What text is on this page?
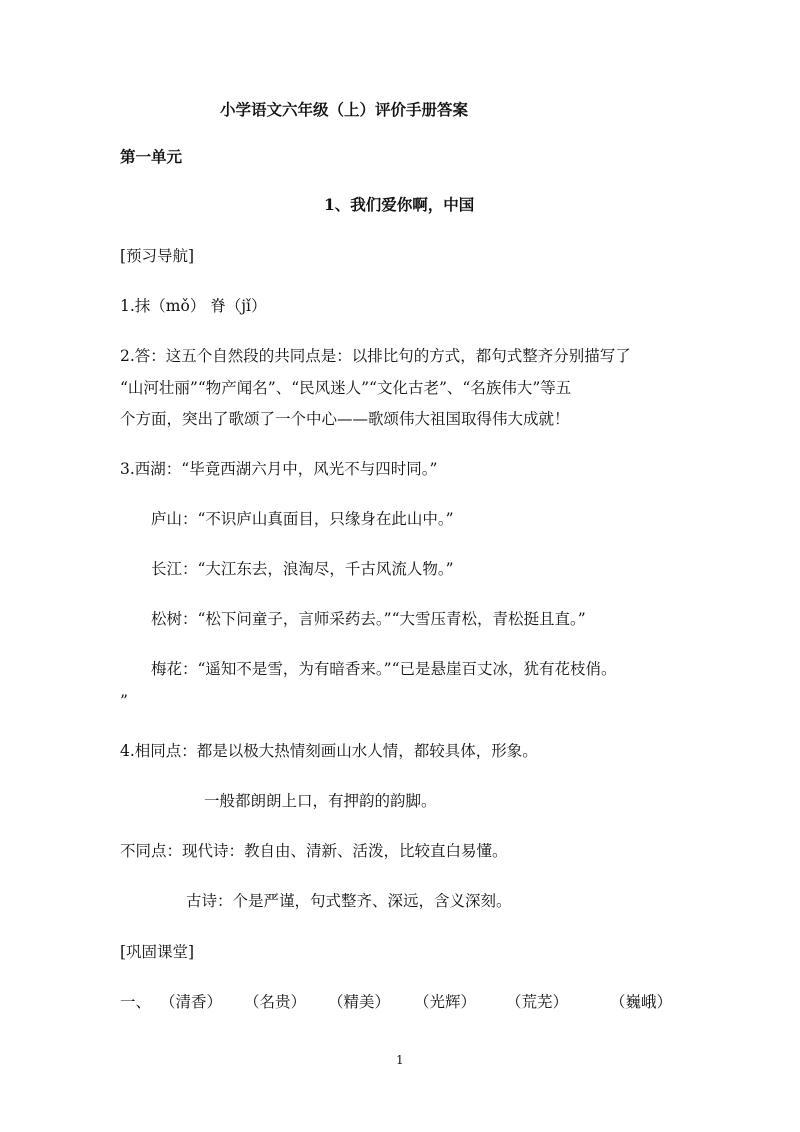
小学语文六年级（上）评价手册答案
第一单元
1、我们爱你啊，中国
[预习导航]
1.抹（mǒ） 脊（jǐ）
2.答：这五个自然段的共同点是：以排比句的方式，都句式整齐分别描写了
“山河壮丽”“物产闻名”、“民风迷人”“文化古老”、“名族伟大”等五
个方面，突出了歌颂了一个中心——歌颂伟大祖国取得伟大成就！
3.西湖：“毕竟西湖六月中，风光不与四时同。”
庐山：“不识庐山真面目，只缘身在此山中。”
长江：“大江东去，浪淘尽，千古风流人物。”
松树：“松下问童子，言师采药去。”“大雪压青松，青松挺且直。”
梅花：“遥知不是雪，为有暗香来。”“已是悬崖百丈冰，犹有花枝俏。
”
4.相同点：都是以极大热情刻画山水人情，都较具体，形象。
一般都朗朗上口，有押韵的韵脚。
不同点：现代诗：教自由、清新、活泼，比较直白易懂。
古诗：个是严谨，句式整齐、深远，含义深刻。
[巩固课堂]
一、 （清香） （名贵） （精美） （光辉） （荒芜）	（巍峨）
1
